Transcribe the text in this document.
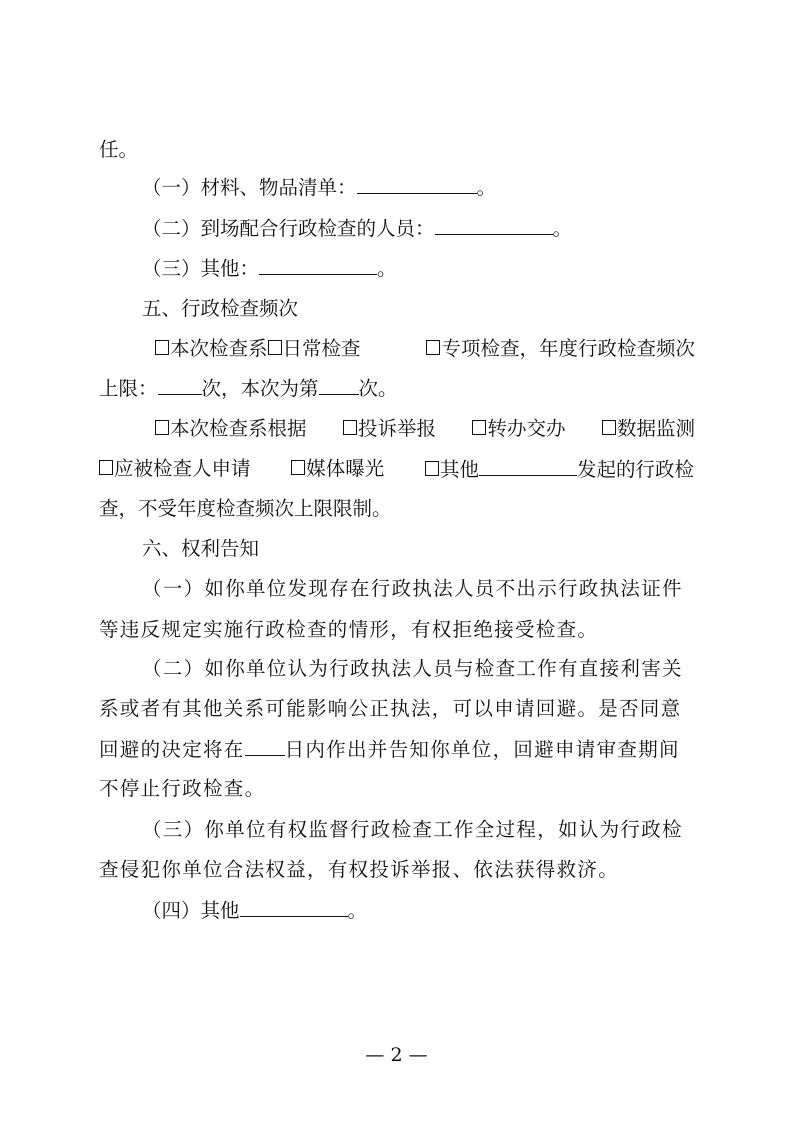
任。
（一）材料、物品清单：	。
（二）到场配合行政检查的人员：	。
（三）其他：	。
五、行政检查频次
本次检查系 日常检查	专项检查，年度行政检查频次
上限： 次，本次为第 次。
本次检查系根据	投诉举报	转办交办	数据监测
应被检查人申请	媒体曝光	其他	发起的行政检
查，不受年度检查频次上限限制。
六、权利告知
（一）如你单位发现存在行政执法人员不出示行政执法证件
等违反规定实施行政检查的情形，有权拒绝接受检查。
（二）如你单位认为行政执法人员与检查工作有直接利害关
系或者有其他关系可能影响公正执法，可以申请回避。是否同意
回避的决定将在 日内作出并告知你单位，回避申请审查期间
不停止行政检查。
（三）你单位有权监督行政检查工作全过程，如认为行政检
查侵犯你单位合法权益，有权投诉举报、依法获得救济。
（四）其他	。
— 2 —
